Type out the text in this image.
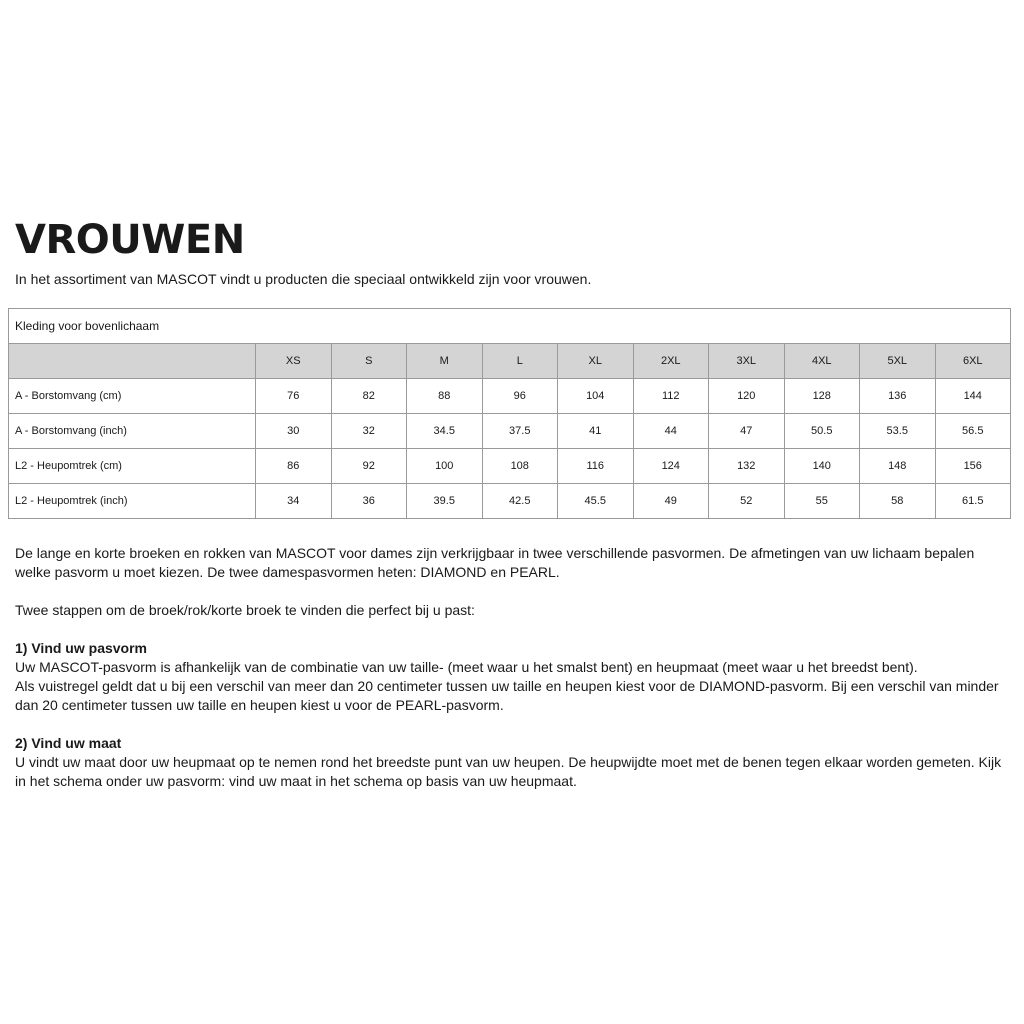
VROUWEN

In het assortiment van MASCOT vindt u producten die speciaal ontwikkeld zijn voor vrouwen.

Kleding voor bovenlichaam										
	XS	S	M	L	XL	2XL	3XL	4XL	5XL	6XL
A - Borstomvang (cm)	76	82	88	96	104	112	120	128	136	144
A - Borstomvang (inch)	30	32	34.5	37.5	41	44	47	50.5	53.5	56.5
L2 - Heupomtrek (cm)	86	92	100	108	116	124	132	140	148	156
L2 - Heupomtrek (inch)	34	36	39.5	42.5	45.5	49	52	55	58	61.5

De lange en korte broeken en rokken van MASCOT voor dames zijn verkrijgbaar in twee verschillende pasvormen. De afmetingen van uw lichaam bepalen welke pasvorm u moet kiezen. De twee damespasvormen heten: DIAMOND en PEARL.

Twee stappen om de broek/rok/korte broek te vinden die perfect bij u past:

1) Vind uw pasvorm

Uw MASCOT-pasvorm is afhankelijk van de combinatie van uw taille- (meet waar u het smalst bent) en heupmaat (meet waar u het breedst bent).

Als vuistregel geldt dat u bij een verschil van meer dan 20 centimeter tussen uw taille en heupen kiest voor de DIAMOND-pasvorm. Bij een verschil van minder dan 20 centimeter tussen uw taille en heupen kiest u voor de PEARL-pasvorm.

2) Vind uw maat

U vindt uw maat door uw heupmaat op te nemen rond het breedste punt van uw heupen. De heupwijdte moet met de benen tegen elkaar worden gemeten. Kijk in het schema onder uw pasvorm: vind uw maat in het schema op basis van uw heupmaat.
